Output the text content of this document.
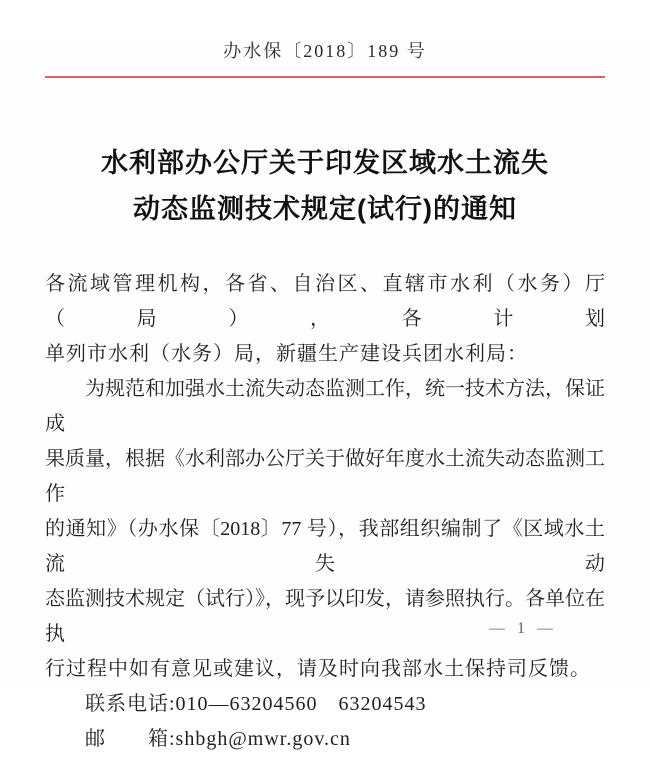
办水保〔2018〕189 号
水利部办公厅关于印发区域水土流失
动态监测技术规定(试行)的通知
各流域管理机构，各省、自治区、直辖市水利（水务）厅（局），各计划
单列市水利（水务）局，新疆生产建设兵团水利局：
为规范和加强水土流失动态监测工作，统一技术方法，保证成
果质量，根据《水利部办公厅关于做好年度水土流失动态监测工作
的通知》（办水保〔2018〕77 号），我部组织编制了《区域水土流失动
态监测技术规定（试行）》，现予以印发，请参照执行。各单位在执
行过程中如有意见或建议，请及时向我部水土保持司反馈。
联系电话:010—63204560　63204543
邮　　箱:shbgh@mwr.gov.cn
— 1 —
